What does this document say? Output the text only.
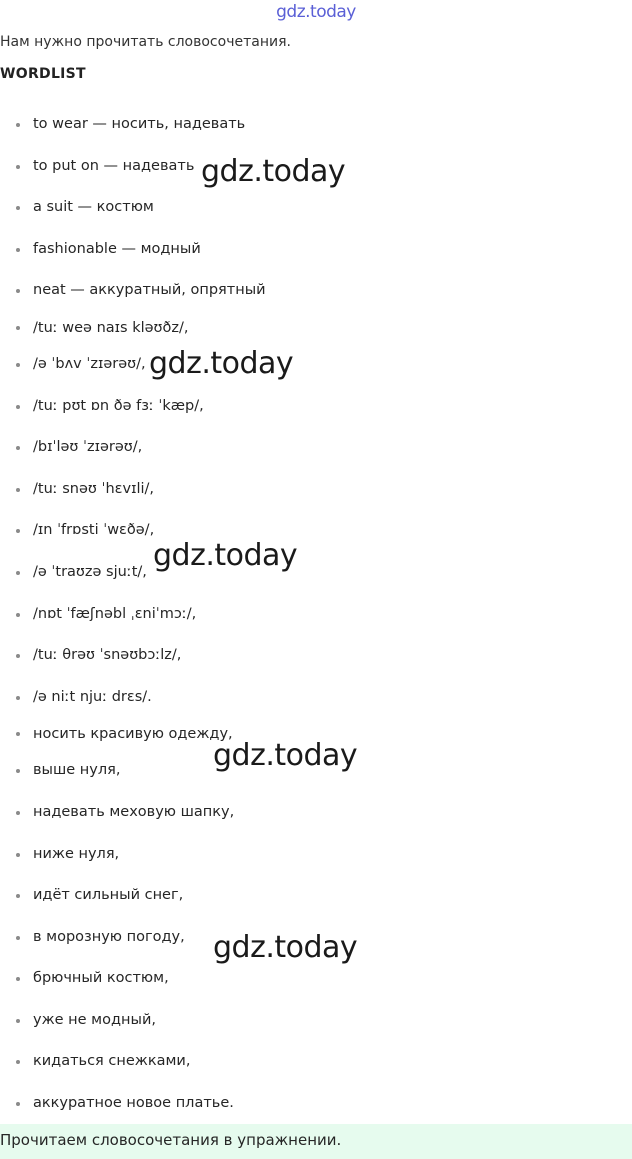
gdz.today
Нам нужно прочитать словосочетания.
WORDLIST
to wear — носить, надевать
to put on — надевать
a suit — костюм
fashionable — модный
neat — аккуратный, опрятный
/tuː weə naɪs kləʊðz/,
/ə ˈbʌv ˈzɪərəʊ/,
/tuː pʊt ɒn ðə fɜː ˈkæp/,
/bɪˈləʊ ˈzɪərəʊ/,
/tuː snəʊ ˈhɛvɪli/,
/ɪn ˈfrɒsti ˈwɛðə/,
/ə ˈtraʊzə sjuːt/,
/nɒt ˈfæʃnəbl ˌɛniˈmɔː/,
/tuː θrəʊ ˈsnəʊbɔːlz/,
/ə niːt njuː drɛs/.
носить красивую одежду,
выше нуля,
надевать меховую шапку,
ниже нуля,
идёт сильный снег,
в морозную погоду,
брючный костюм,
уже не модный,
кидаться снежками,
аккуратное новое платье.
gdz.today
gdz.today
gdz.today
gdz.today
gdz.today
Прочитаем словосочетания в упражнении.
